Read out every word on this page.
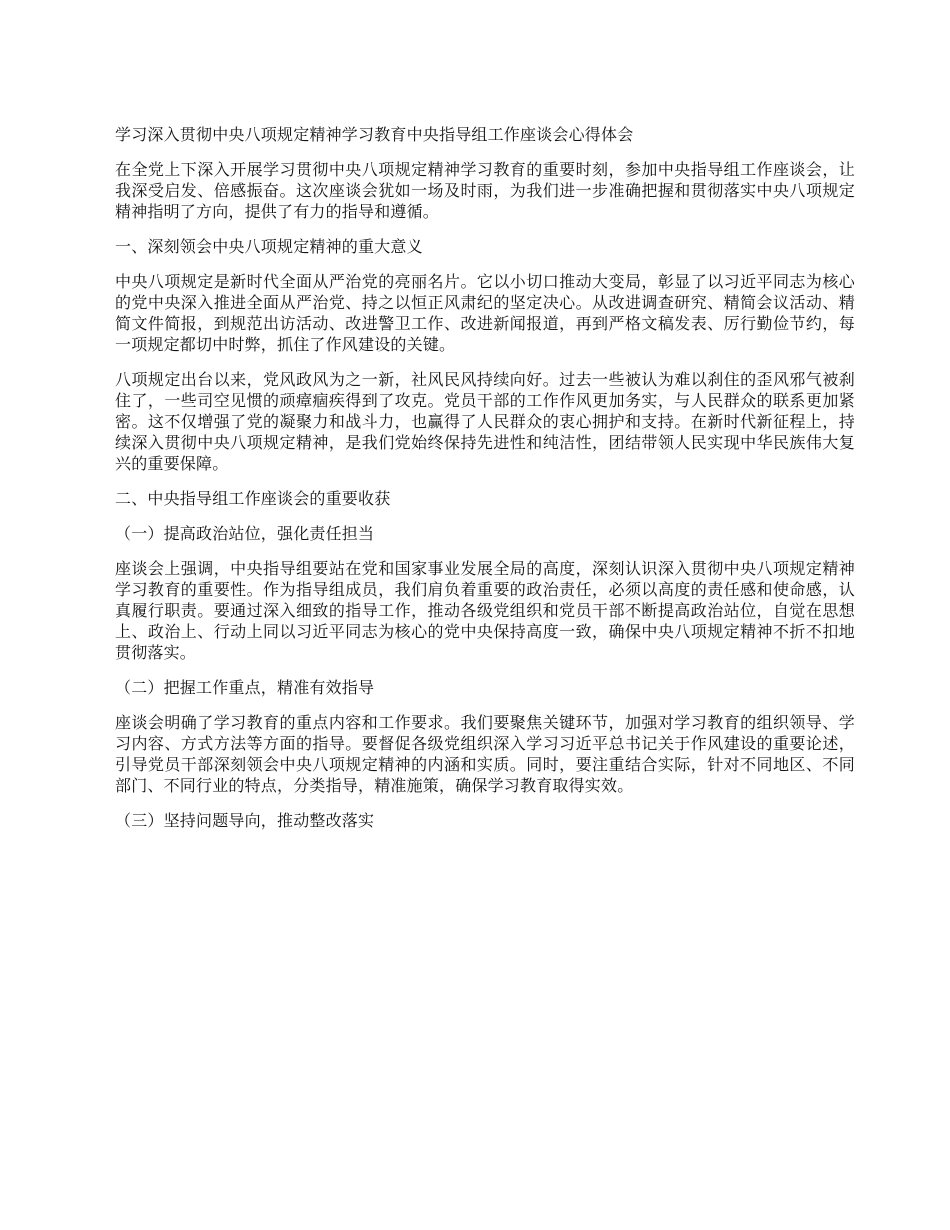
学习深入贯彻中央八项规定精神学习教育中央指导组工作座谈会心得体会

在全党上下深入开展学习贯彻中央八项规定精神学习教育的重要时刻，参加中央指导组工作座谈会，让我深受启发、倍感振奋。这次座谈会犹如一场及时雨，为我们进一步准确把握和贯彻落实中央八项规定精神指明了方向，提供了有力的指导和遵循。

一、深刻领会中央八项规定精神的重大意义

中央八项规定是新时代全面从严治党的亮丽名片。它以小切口推动大变局，彰显了以习近平同志为核心的党中央深入推进全面从严治党、持之以恒正风肃纪的坚定决心。从改进调查研究、精简会议活动、精简文件简报，到规范出访活动、改进警卫工作、改进新闻报道，再到严格文稿发表、厉行勤俭节约，每一项规定都切中时弊，抓住了作风建设的关键。

八项规定出台以来，党风政风为之一新，社风民风持续向好。过去一些被认为难以刹住的歪风邪气被刹住了，一些司空见惯的顽瘴痼疾得到了攻克。党员干部的工作作风更加务实，与人民群众的联系更加紧密。这不仅增强了党的凝聚力和战斗力，也赢得了人民群众的衷心拥护和支持。在新时代新征程上，持续深入贯彻中央八项规定精神，是我们党始终保持先进性和纯洁性，团结带领人民实现中华民族伟大复兴的重要保障。

二、中央指导组工作座谈会的重要收获

（一）提高政治站位，强化责任担当

座谈会上强调，中央指导组要站在党和国家事业发展全局的高度，深刻认识深入贯彻中央八项规定精神学习教育的重要性。作为指导组成员，我们肩负着重要的政治责任，必须以高度的责任感和使命感，认真履行职责。要通过深入细致的指导工作，推动各级党组织和党员干部不断提高政治站位，自觉在思想上、政治上、行动上同以习近平同志为核心的党中央保持高度一致，确保中央八项规定精神不折不扣地贯彻落实。

（二）把握工作重点，精准有效指导

座谈会明确了学习教育的重点内容和工作要求。我们要聚焦关键环节，加强对学习教育的组织领导、学习内容、方式方法等方面的指导。要督促各级党组织深入学习习近平总书记关于作风建设的重要论述，引导党员干部深刻领会中央八项规定精神的内涵和实质。同时，要注重结合实际，针对不同地区、不同部门、不同行业的特点，分类指导，精准施策，确保学习教育取得实效。

（三）坚持问题导向，推动整改落实
